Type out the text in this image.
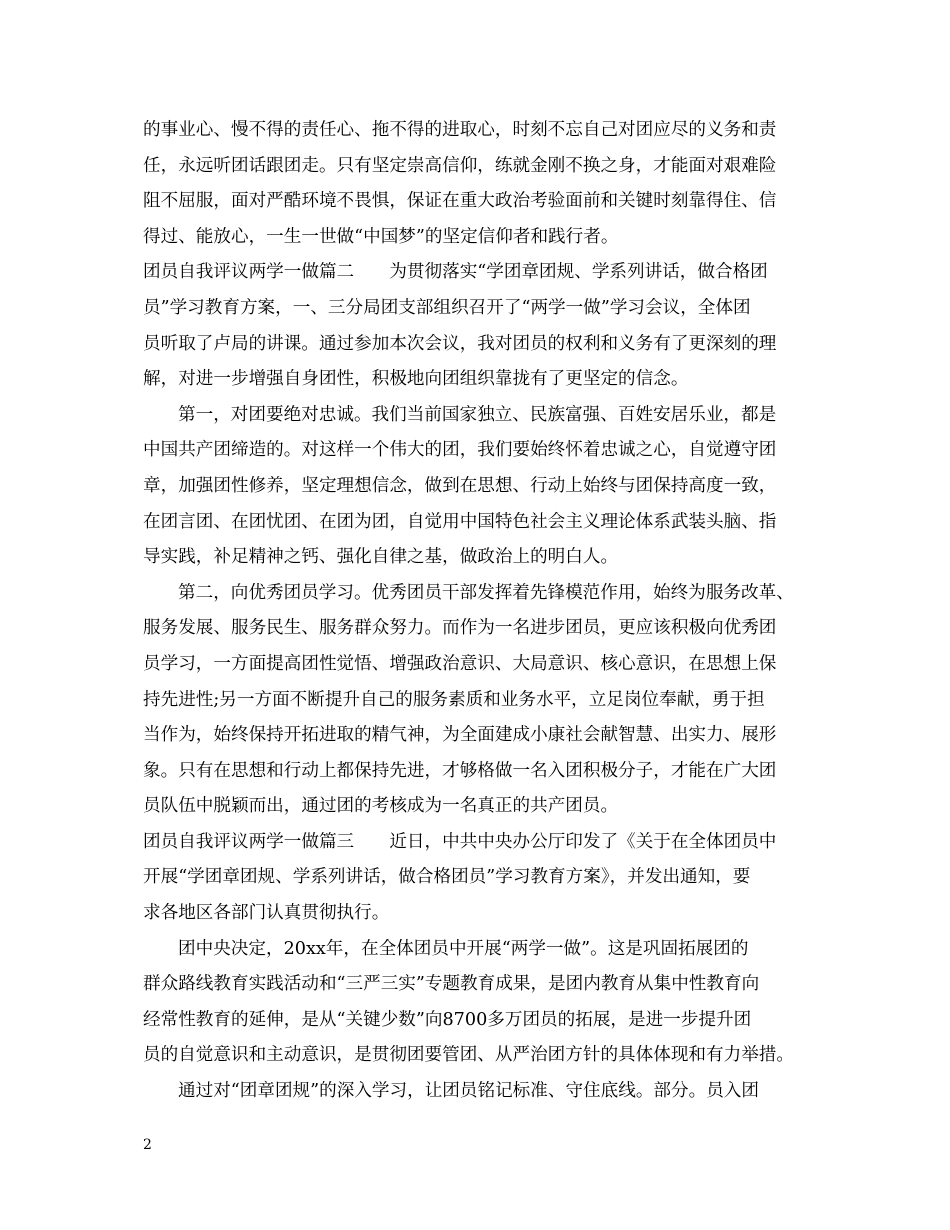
的事业心、慢不得的责任心、拖不得的进取心，时刻不忘自己对团应尽的义务和责
任，永远听团话跟团走。只有坚定崇高信仰，练就金刚不换之身，才能面对艰难险
阻不屈服，面对严酷环境不畏惧，保证在重大政治考验面前和关键时刻靠得住、信
得过、能放心，一生一世做“中国梦”的坚定信仰者和践行者。
团员自我评议两学一做篇二　　为贯彻落实“学团章团规、学系列讲话，做合格团
员”学习教育方案，一、三分局团支部组织召开了“两学一做”学习会议，全体团
员听取了卢局的讲课。通过参加本次会议，我对团员的权利和义务有了更深刻的理
解，对进一步增强自身团性，积极地向团组织靠拢有了更坚定的信念。
第一，对团要绝对忠诚。我们当前国家独立、民族富强、百姓安居乐业，都是
中国共产团缔造的。对这样一个伟大的团，我们要始终怀着忠诚之心，自觉遵守团
章，加强团性修养，坚定理想信念，做到在思想、行动上始终与团保持高度一致，
在团言团、在团忧团、在团为团，自觉用中国特色社会主义理论体系武装头脑、指
导实践，补足精神之钙、强化自律之基，做政治上的明白人。
第二，向优秀团员学习。优秀团员干部发挥着先锋模范作用，始终为服务改革、
服务发展、服务民生、服务群众努力。而作为一名进步团员，更应该积极向优秀团
员学习，一方面提高团性觉悟、增强政治意识、大局意识、核心意识，在思想上保
持先进性;另一方面不断提升自己的服务素质和业务水平，立足岗位奉献，勇于担
当作为，始终保持开拓进取的精气神，为全面建成小康社会献智慧、出实力、展形
象。只有在思想和行动上都保持先进，才够格做一名入团积极分子，才能在广大团
员队伍中脱颖而出，通过团的考核成为一名真正的共产团员。
团员自我评议两学一做篇三　　近日，中共中央办公厅印发了《关于在全体团员中
开展“学团章团规、学系列讲话，做合格团员”学习教育方案》，并发出通知，要
求各地区各部门认真贯彻执行。
团中央决定，20xx年，在全体团员中开展“两学一做”。这是巩固拓展团的
群众路线教育实践活动和“三严三实”专题教育成果，是团内教育从集中性教育向
经常性教育的延伸，是从“关键少数”向8700多万团员的拓展，是进一步提升团
员的自觉意识和主动意识，是贯彻团要管团、从严治团方针的具体体现和有力举措。
通过对“团章团规”的深入学习，让团员铭记标准、守住底线。部分。员入团
2
